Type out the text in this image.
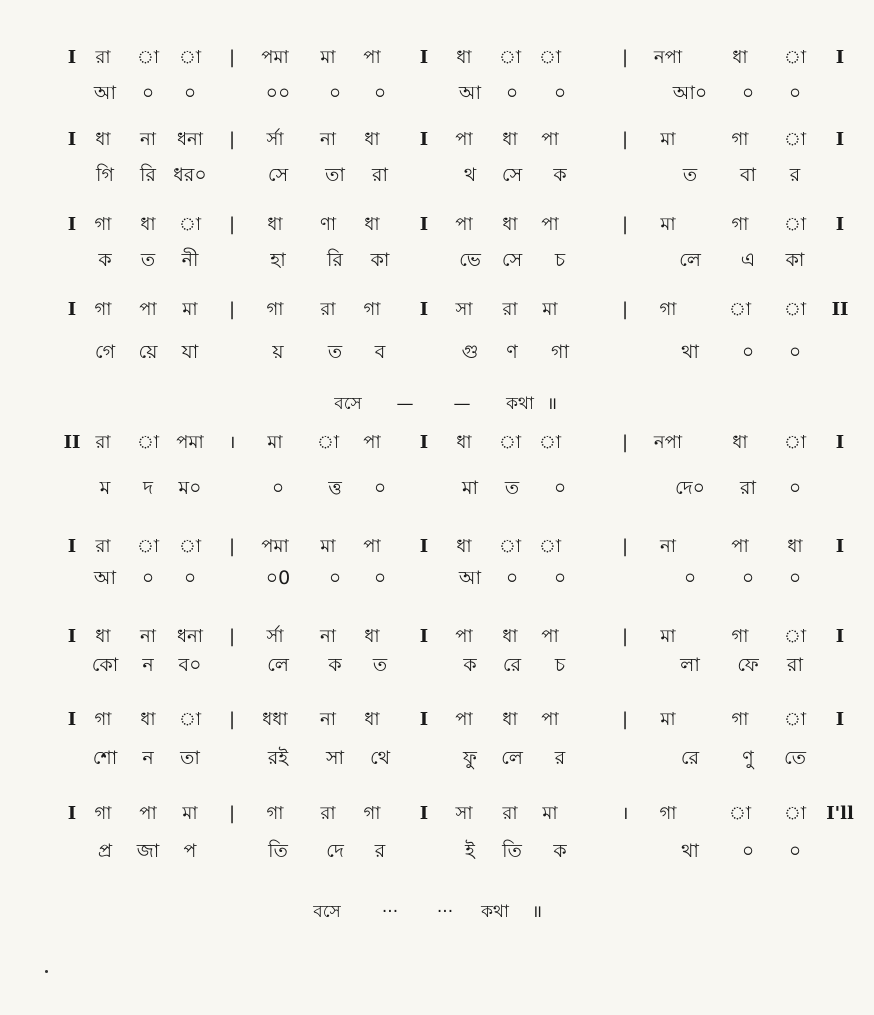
I রা া া | পমা মা পা I ধা া া	| নপা	ধা া I
আ ০ ০	০০ ০ ০	আ ০ ০	আ০ ০ ০
I ধা না ধনা | র্সা না ধা I পা ধা পা	| মা	গা া I
গি রি ধর০	সে তা রা	থ সে ক	ত বা র
I গা ধা া | ধা ণা ধা I পা ধা পা	| মা	গা া I
ক ত নী	হা রি কা	ভে সে চ	লে এ কা
I গা পা মা | গা রা গা I সা রা মা	| গা	া া II
গে য়ে যা	য় ত ব	গু ণ গা	থা ০ ০
II রা া পমা । মা া পা I ধা া া	| নপা	ধা া I
ম দ ম০	০ ত্ত ০	মা ত ০	দে০ রা ০
I রা া া | পমা মা পা I ধা া া	| না	পা ধা I
আ ০ ০	০0 ০ ০	আ ০ ০	০ ০ ০
I ধা না ধনা | র্সা না ধা I পা ধা পা	| মা	গা া I
কো ন ব০	লে ক ত	ক রে চ	লা ফে রা
I গা ধা া | ধধা না ধা I পা ধা পা	| মা	গা া I
শো ন তা	রই সা থে	ফু লে র	রে ণু তে
I গা পা মা | গা রা গা I সা রা মা	। গা	া া I'll
প্র জা প	তি দে র	ই তি ক	থা ০ ০
বসে — — কথা ॥
বসে ··· ··· কথা ॥
